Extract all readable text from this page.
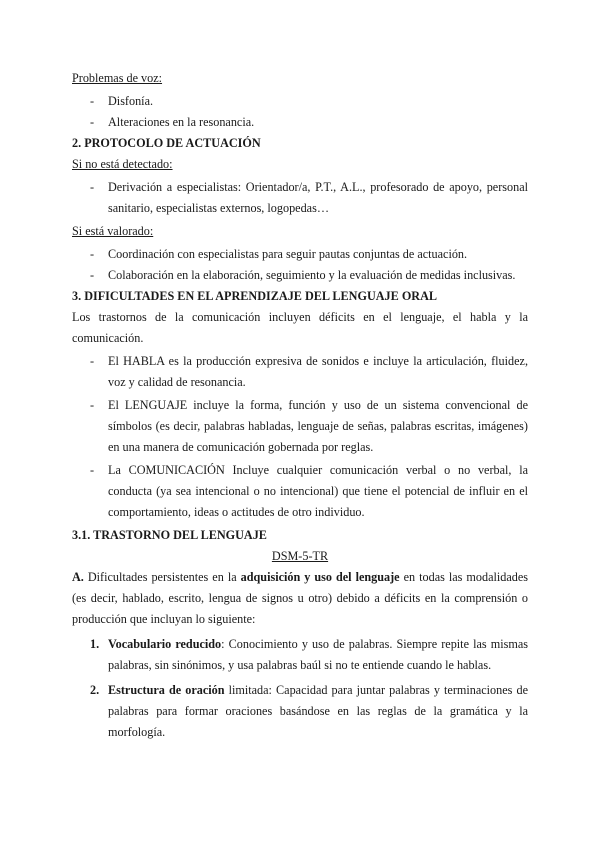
Problemas de voz:

- Disfonía.
- Alteraciones en la resonancia.

2. PROTOCOLO DE ACTUACIÓN

Si no está detectado:

- Derivación a especialistas: Orientador/a, P.T., A.L., profesorado de apoyo, personal sanitario, especialistas externos, logopedas…

Si está valorado:

- Coordinación con especialistas para seguir pautas conjuntas de actuación.
- Colaboración en la elaboración, seguimiento y la evaluación de medidas inclusivas.

3. DIFICULTADES EN EL APRENDIZAJE DEL LENGUAJE ORAL

Los trastornos de la comunicación incluyen déficits en el lenguaje, el habla y la comunicación.

- El HABLA es la producción expresiva de sonidos e incluye la articulación, fluidez, voz y calidad de resonancia.
- El LENGUAJE incluye la forma, función y uso de un sistema convencional de símbolos (es decir, palabras habladas, lenguaje de señas, palabras escritas, imágenes) en una manera de comunicación gobernada por reglas.
- La COMUNICACIÓN Incluye cualquier comunicación verbal o no verbal, la conducta (ya sea intencional o no intencional) que tiene el potencial de influir en el comportamiento, ideas o actitudes de otro individuo.

3.1. TRASTORNO DEL LENGUAJE

DSM-5-TR

A. Dificultades persistentes en la adquisición y uso del lenguaje en todas las modalidades (es decir, hablado, escrito, lengua de signos u otro) debido a déficits en la comprensión o producción que incluyan lo siguiente:

1. Vocabulario reducido: Conocimiento y uso de palabras. Siempre repite las mismas palabras, sin sinónimos, y usa palabras baúl si no te entiende cuando le hablas.
2. Estructura de oración limitada: Capacidad para juntar palabras y terminaciones de palabras para formar oraciones basándose en las reglas de la gramática y la morfología.
